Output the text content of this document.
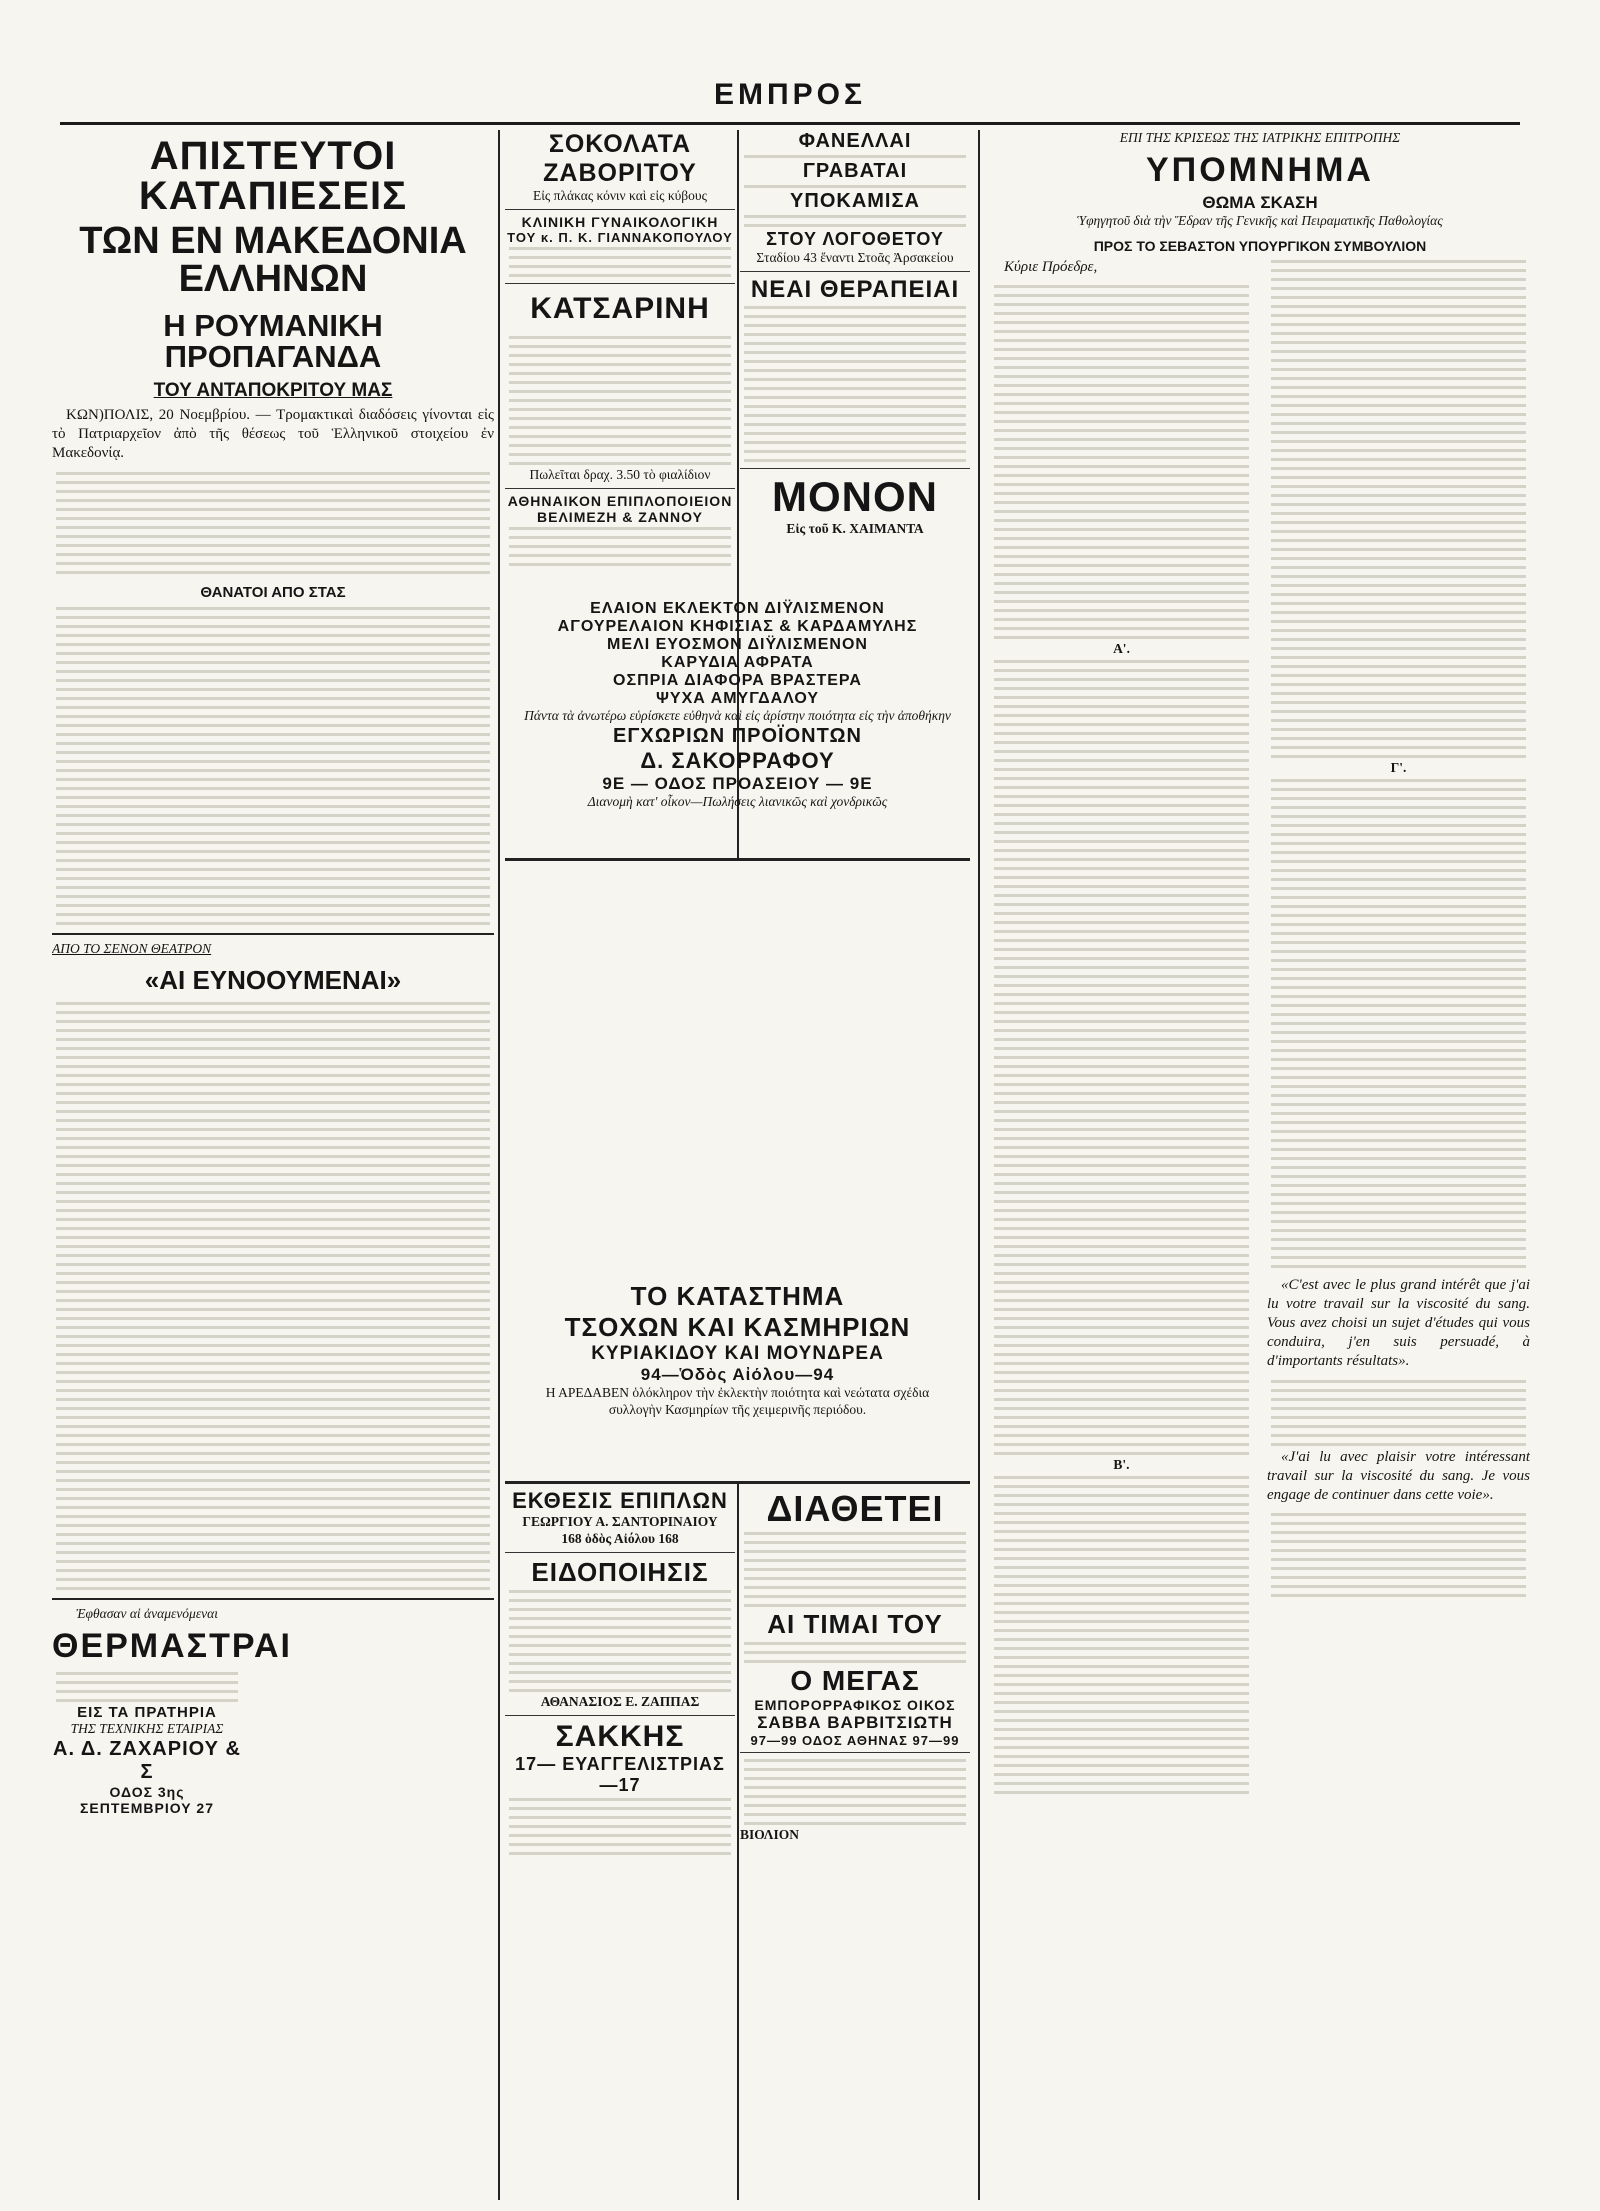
ΕΜΠΡΟΣ
ΑΠΙΣΤΕΥΤΟΙ ΚΑΤΑΠΙΕΣΕΙΣ
ΤΩΝ ΕΝ ΜΑΚΕΔΟΝΙΑ ΕΛΛΗΝΩΝ
Η ΡΟΥΜΑΝΙΚΗ ΠΡΟΠΑΓΑΝΔΑ
ΤΟΥ ΑΝΤΑΠΟΚΡΙΤΟΥ ΜΑΣ

ΚΩΝ)ΠΟΛΙΣ, 20 Νοεμβρίου. — Τρομακτικαὶ διαδόσεις γίνονται εἰς τὸ Πατριαρχεῖον ἀπὸ τῆς θέσεως τοῦ Ἑλληνικοῦ στοιχείου ἐν Μακεδονίᾳ.

ΘΑΝΑΤΟΙ ΑΠΟ ΣΤΑΣ
ΑΠΟ ΤΟ ΣΕΝΟΝ ΘΕΑΤΡΟΝ
«ΑΙ ΕΥΝΟΟΥΜΕΝΑΙ»
Ἐφθασαν αἱ ἀναμενόμεναι
ΘΕΡΜΑΣΤΡΑΙ
ΕΙΣ ΤΑ ΠΡΑΤΗΡΙΑ
ΤΗΣ ΤΕΧΝΙΚΗΣ ΕΤΑΙΡΙΑΣ
Α. Δ. ΖΑΧΑΡΙΟΥ & Σ
ΟΔΟΣ 3ης ΣΕΠΤΕΜΒΡΙΟΥ 27
ΣΟΚΟΛΑΤΑ ΖΑΒΟΡΙΤΟΥ
Εἰς πλάκας κόνιν καὶ εἰς κύβους
ΚΛΙΝΙΚΗ ΓΥΝΑΙΚΟΛΟΓΙΚΗ
ΤΟΥ κ. Π. Κ. ΓΙΑΝΝΑΚΟΠΟΥΛΟΥ
ΚΑΤΣΑΡΙΝΗ
Πωλεῖται δραχ. 3.50 τὸ φιαλίδιον
ΑΘΗΝΑΙΚΟΝ ΕΠΙΠΛΟΠΟΙΕΙΟΝ ΒΕΛΙΜΕΖΗ & ΖΑΝΝΟΥ
ΦΑΝΕΛΛΑΙ
ΓΡΑΒΑΤΑΙ
ΥΠΟΚΑΜΙΣΑ
ΣΤΟΥ ΛΟΓΟΘΕΤΟΥ
Σταδίου 43 ἔναντι Στοᾶς Ἀρσακείου
ΝΕΑΙ ΘΕΡΑΠΕΙΑΙ
ΜΟΝΟΝ
Εἰς τοῦ Κ. ΧΑΙΜΑΝΤΑ
ΕΛΑΙΟΝ ΕΚΛΕΚΤΟΝ ΔΙΫΛΙΣΜΕΝΟΝ
ΑΓΟΥΡΕΛΑΙΟΝ ΚΗΦΙΣΙΑΣ & ΚΑΡΔΑΜΥΛΗΣ
ΜΕΛΙ ΕΥΟΣΜΟΝ ΔΙΫΛΙΣΜΕΝΟΝ
ΚΑΡΥΔΙΑ ΑΦΡΑΤΑ
ΟΣΠΡΙΑ ΔΙΑΦΟΡΑ ΒΡΑΣΤΕΡΑ
ΨΥΧΑ ΑΜΥΓΔΑΛΟΥ
Πάντα τὰ ἀνωτέρω εὑρίσκετε εὐθηνὰ καὶ εἰς ἀρίστην ποιότητα εἰς τὴν ἀποθήκην
ΕΓΧΩΡΙΩΝ ΠΡΟΪΟΝΤΩΝ
Δ. ΣΑΚΟΡΡΑΦΟΥ
9Ε — ΟΔΟΣ ΠΡΟΑΣΕΙΟΥ — 9Ε
Διανομὴ κατ' οἶκον—Πωλήσεις λιανικῶς καὶ χονδρικῶς
ΤΟ ΚΑΤΑΣΤΗΜΑ
ΤΣΟΧΩΝ ΚΑΙ ΚΑΣΜΗΡΙΩΝ
ΚΥΡΙΑΚΙΔΟΥ ΚΑΙ ΜΟΥΝΔΡΕΑ
94—Ὁδὸς Αἰόλου—94
Η ΑΡΕΔΑΒΕΝ ὁλόκληρον τὴν ἐκλεκτὴν ποιότητα καὶ νεώτατα σχέδια συλλογὴν Κασμηρίων τῆς χειμερινῆς περιόδου.
ΕΚΘΕΣΙΣ ΕΠΙΠΛΩΝ
ΓΕΩΡΓΙΟΥ Α. ΣΑΝΤΟΡΙΝΑΙΟΥ
168 ὁδὸς Αἰόλου 168
ΕΙΔΟΠΟΙΗΣΙΣ
ΑΘΑΝΑΣΙΟΣ Ε. ΖΑΠΠΑΣ
ΣΑΚΚΗΣ
17— ΕΥΑΓΓΕΛΙΣΤΡΙΑΣ —17
ΔΙΑΘΕΤΕΙ
ΑΙ ΤΙΜΑΙ ΤΟΥ
Ο ΜΕΓΑΣ
ΕΜΠΟΡΟΡΡΑΦΙΚΟΣ ΟΙΚΟΣ
ΣΑΒΒΑ ΒΑΡΒΙΤΣΙΩΤΗ
97—99 ΟΔΟΣ ΑΘΗΝΑΣ 97—99
ΒΙΟΛΙΟΝ
ΕΠΙ ΤΗΣ ΚΡΙΣΕΩΣ ΤΗΣ ΙΑΤΡΙΚΗΣ ΕΠΙΤΡΟΠΗΣ
ΥΠΟΜΝΗΜΑ
ΘΩΜΑ ΣΚΑΣΗ
Ὑφηγητοῦ διὰ τὴν Ἕδραν τῆς Γενικῆς καὶ Πειραματικῆς Παθολογίας
ΠΡΟΣ ΤΟ ΣΕΒΑΣΤΟΝ ΥΠΟΥΡΓΙΚΟΝ ΣΥΜΒΟΥΛΙΟΝ

Κύριε Πρόεδρε,

Α'.
Β'.
Γ'.

«C'est avec le plus grand intérêt que j'ai lu votre travail sur la viscosité du sang. Vous avez choisi un sujet d'études qui vous conduira, j'en suis persuadé, à d'importants résultats».

«J'ai lu avec plaisir votre intéressant travail sur la viscosité du sang. Je vous engage de continuer dans cette voie».
